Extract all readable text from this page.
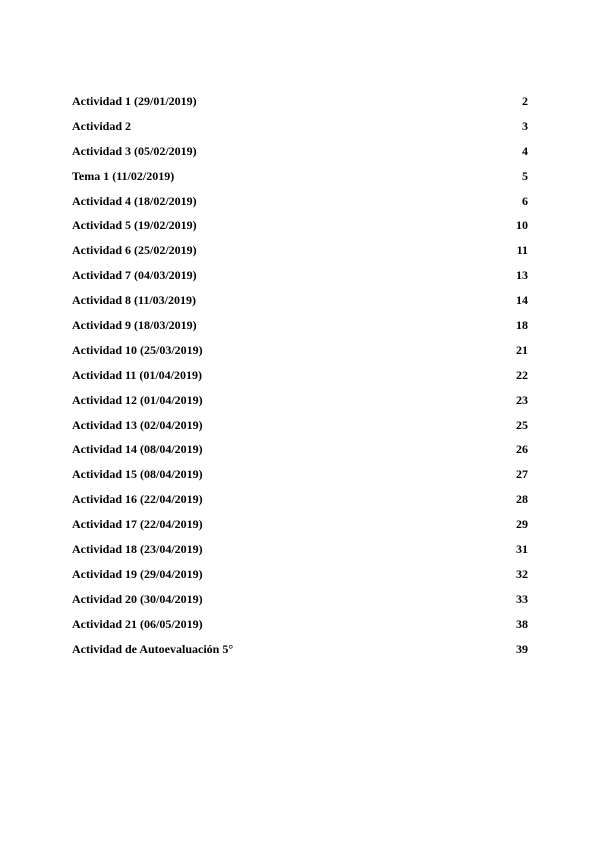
Actividad 1 (29/01/2019)	2
Actividad 2	3
Actividad 3 (05/02/2019)	4
Tema 1 (11/02/2019)	5
Actividad 4 (18/02/2019)	6
Actividad 5 (19/02/2019)	10
Actividad 6 (25/02/2019)	11
Actividad 7 (04/03/2019)	13
Actividad 8 (11/03/2019)	14
Actividad 9 (18/03/2019)	18
Actividad 10 (25/03/2019)	21
Actividad 11 (01/04/2019)	22
Actividad 12 (01/04/2019)	23
Actividad 13 (02/04/2019)	25
Actividad 14 (08/04/2019)	26
Actividad 15 (08/04/2019)	27
Actividad 16 (22/04/2019)	28
Actividad 17 (22/04/2019)	29
Actividad 18 (23/04/2019)	31
Actividad 19 (29/04/2019)	32
Actividad 20 (30/04/2019)	33
Actividad 21 (06/05/2019)	38
Actividad de Autoevaluación 5°	39
